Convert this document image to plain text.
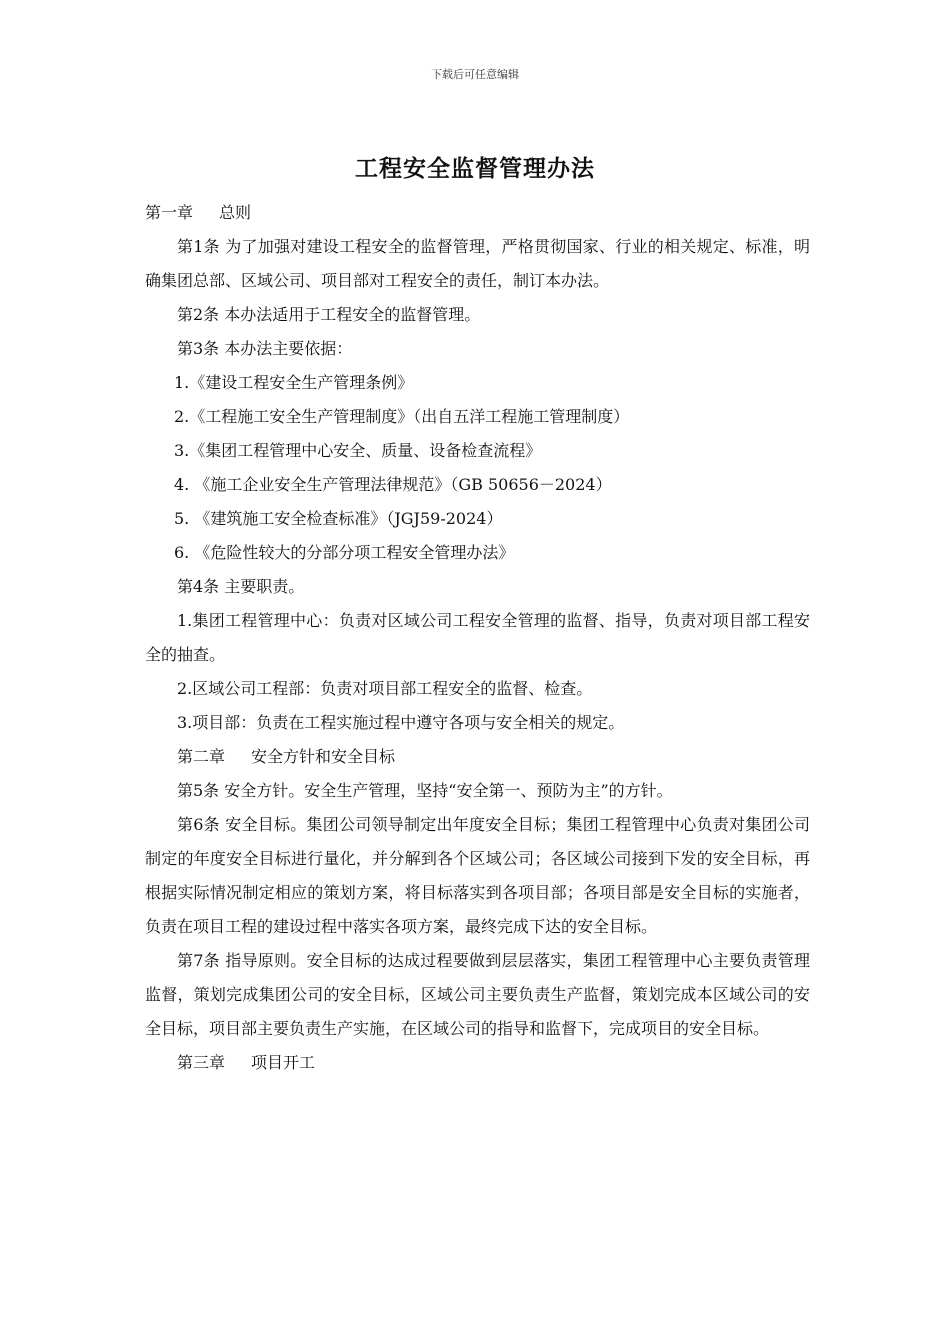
下载后可任意编辑
工程安全监督管理办法

第一章 总则

第1条 为了加强对建设工程安全的监督管理，严格贯彻国家、行业的相关规定、标准，明确集团总部、区域公司、项目部对工程安全的责任，制订本办法。

第2条 本办法适用于工程安全的监督管理。

第3条 本办法主要依据：

1.《建设工程安全生产管理条例》

2.《工程施工安全生产管理制度》（出自五洋工程施工管理制度）

3.《集团工程管理中心安全、质量、设备检查流程》

4. 《施工企业安全生产管理法律规范》（GB 50656－2024）

5. 《建筑施工安全检查标准》（JGJ59-2024）

6. 《危险性较大的分部分项工程安全管理办法》

第4条 主要职责。

1.集团工程管理中心：负责对区域公司工程安全管理的监督、指导，负责对项目部工程安全的抽查。

2.区域公司工程部：负责对项目部工程安全的监督、检查。

3.项目部：负责在工程实施过程中遵守各项与安全相关的规定。

第二章 安全方针和安全目标

第5条 安全方针。安全生产管理，坚持“安全第一、预防为主”的方针。

第6条 安全目标。集团公司领导制定出年度安全目标；集团工程管理中心负责对集团公司制定的年度安全目标进行量化，并分解到各个区域公司；各区域公司接到下发的安全目标，再根据实际情况制定相应的策划方案，将目标落实到各项目部；各项目部是安全目标的实施者，负责在项目工程的建设过程中落实各项方案，最终完成下达的安全目标。

第7条 指导原则。安全目标的达成过程要做到层层落实，集团工程管理中心主要负责管理监督，策划完成集团公司的安全目标，区域公司主要负责生产监督，策划完成本区域公司的安全目标，项目部主要负责生产实施，在区域公司的指导和监督下，完成项目的安全目标。

第三章 项目开工
